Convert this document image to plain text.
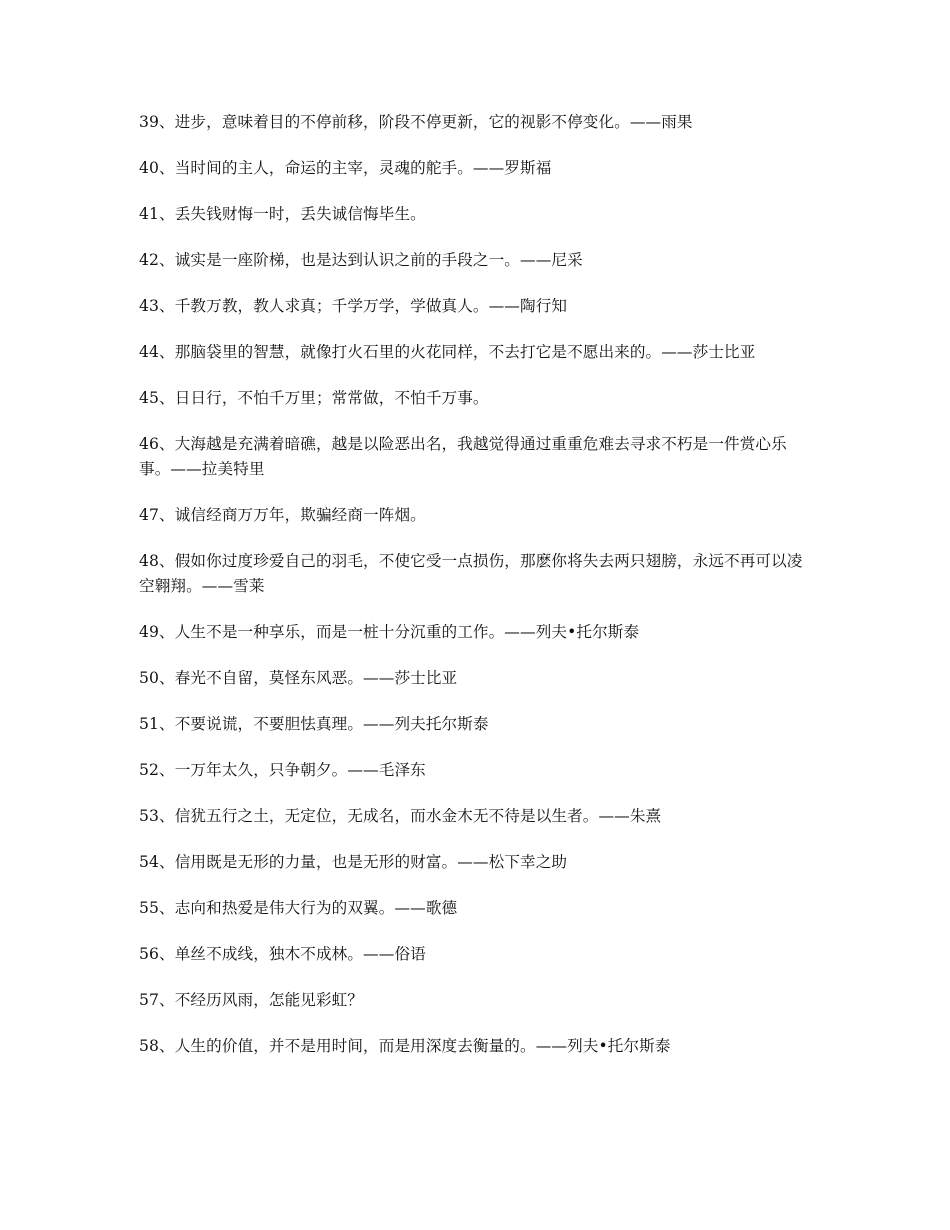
39、进步，意味着目的不停前移，阶段不停更新，它的视影不停变化。——雨果
40、当时间的主人，命运的主宰，灵魂的舵手。——罗斯福
41、丢失钱财悔一时，丢失诚信悔毕生。
42、诚实是一座阶梯，也是达到认识之前的手段之一。——尼采
43、千教万教，教人求真；千学万学，学做真人。——陶行知
44、那脑袋里的智慧，就像打火石里的火花同样，不去打它是不愿出来的。——莎士比亚
45、日日行，不怕千万里；常常做，不怕千万事。
46、大海越是充满着暗礁，越是以险恶出名，我越觉得通过重重危难去寻求不朽是一件赏心乐事。——拉美特里
47、诚信经商万万年，欺骗经商一阵烟。
48、假如你过度珍爱自己的羽毛，不使它受一点损伤，那麽你将失去两只翅膀，永远不再可以凌空翱翔。——雪莱
49、人生不是一种享乐，而是一桩十分沉重的工作。——列夫•托尔斯泰
50、春光不自留，莫怪东风恶。——莎士比亚
51、不要说谎，不要胆怯真理。——列夫托尔斯泰
52、一万年太久，只争朝夕。——毛泽东
53、信犹五行之土，无定位，无成名，而水金木无不待是以生者。——朱熹
54、信用既是无形的力量，也是无形的财富。——松下幸之助
55、志向和热爱是伟大行为的双翼。——歌德
56、单丝不成线，独木不成林。——俗语
57、不经历风雨，怎能见彩虹？
58、人生的价值，并不是用时间，而是用深度去衡量的。——列夫•托尔斯泰
